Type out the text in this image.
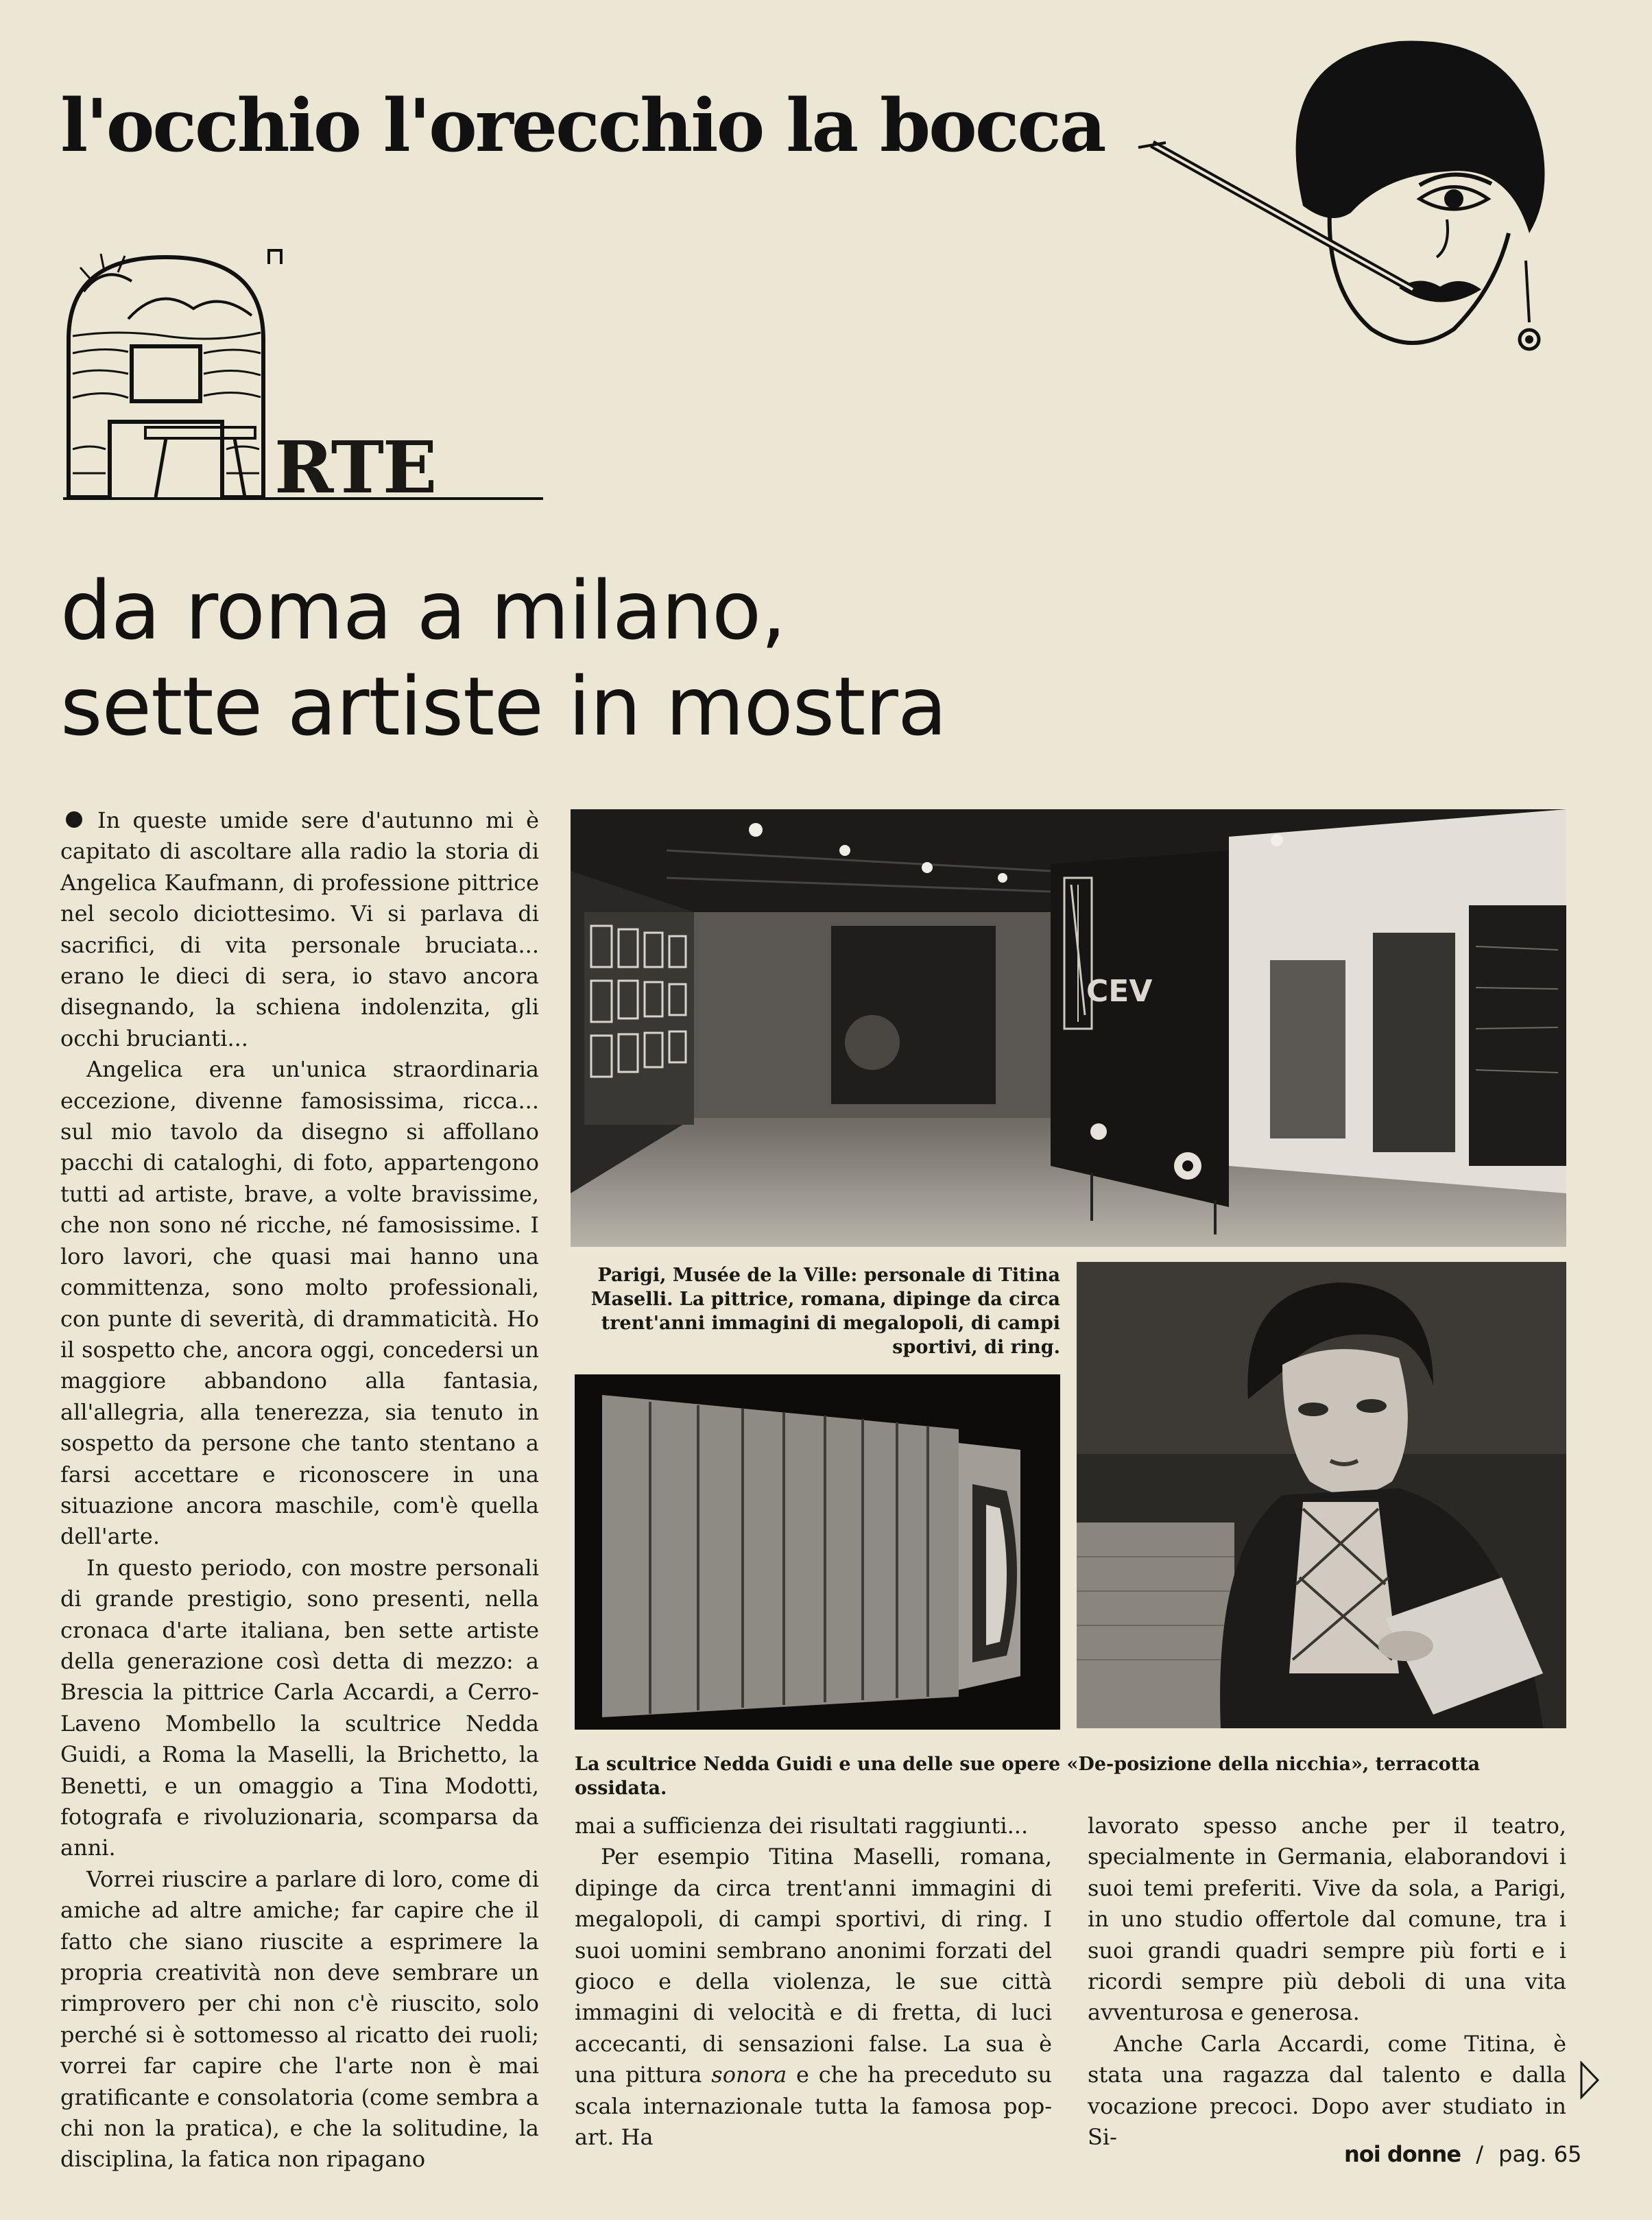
l'occhio l'orecchio la bocca
RTE
da roma a milano,
sette artiste in mostra

In queste umide sere d'autunno mi è capitato di ascoltare alla radio la storia di Angelica Kaufmann, di professione pittrice nel secolo diciottesimo. Vi si parlava di sacrifici, di vita personale bruciata... erano le dieci di sera, io stavo ancora disegnando, la schiena indolenzita, gli occhi brucianti...

Angelica era un'unica straordinaria eccezione, divenne famosissima, ricca... sul mio tavolo da disegno si affollano pacchi di cataloghi, di foto, appartengono tutti ad artiste, brave, a volte bravissime, che non sono né ricche, né famosissime. I loro lavori, che quasi mai hanno una committenza, sono molto professionali, con punte di severità, di drammaticità. Ho il sospetto che, ancora oggi, concedersi un maggiore abbandono alla fantasia, all'allegria, alla tenerezza, sia tenuto in sospetto da persone che tanto stentano a farsi accettare e riconoscere in una situazione ancora maschile, com'è quella dell'arte.

In questo periodo, con mostre personali di grande prestigio, sono presenti, nella cronaca d'arte italiana, ben sette artiste della generazione così detta di mezzo: a Brescia la pittrice Carla Accardi, a Cerro-Laveno Mombello la scultrice Nedda Guidi, a Roma la Maselli, la Brichetto, la Benetti, e un omaggio a Tina Modotti, fotografa e rivoluzionaria, scomparsa da anni.

Vorrei riuscire a parlare di loro, come di amiche ad altre amiche; far capire che il fatto che siano riuscite a esprimere la propria creatività non deve sembrare un rimprovero per chi non c'è riuscito, solo perché si è sottomesso al ricatto dei ruoli; vorrei far capire che l'arte non è mai gratificante e consolatoria (come sembra a chi non la pratica), e che la solitudine, la disciplina, la fatica non ripagano

CEV
Parigi, Musée de la Ville: personale di Titina Maselli. La pittrice, romana, dipinge da circa trent'anni immagini di megalopoli, di campi sportivi, di ring.
La scultrice Nedda Guidi e una delle sue opere «De-posizione della nicchia», terracotta ossidata.

mai a sufficienza dei risultati raggiunti...

Per esempio Titina Maselli, romana, dipinge da circa trent'anni immagini di megalopoli, di campi sportivi, di ring. I suoi uomini sembrano anonimi forzati del gioco e della violenza, le sue città immagini di velocità e di fretta, di luci accecanti, di sensazioni false. La sua è una pittura sonora e che ha preceduto su scala internazionale tutta la famosa pop-art. Ha

lavorato spesso anche per il teatro, specialmente in Germania, elaborandovi i suoi temi preferiti. Vive da sola, a Parigi, in uno studio offertole dal comune, tra i suoi grandi quadri sempre più forti e i ricordi sempre più deboli di una vita avventurosa e generosa.

Anche Carla Accardi, come Titina, è stata una ragazza dal talento e dalla vocazione precoci. Dopo aver studiato in Si-

noi donne / pag. 65
